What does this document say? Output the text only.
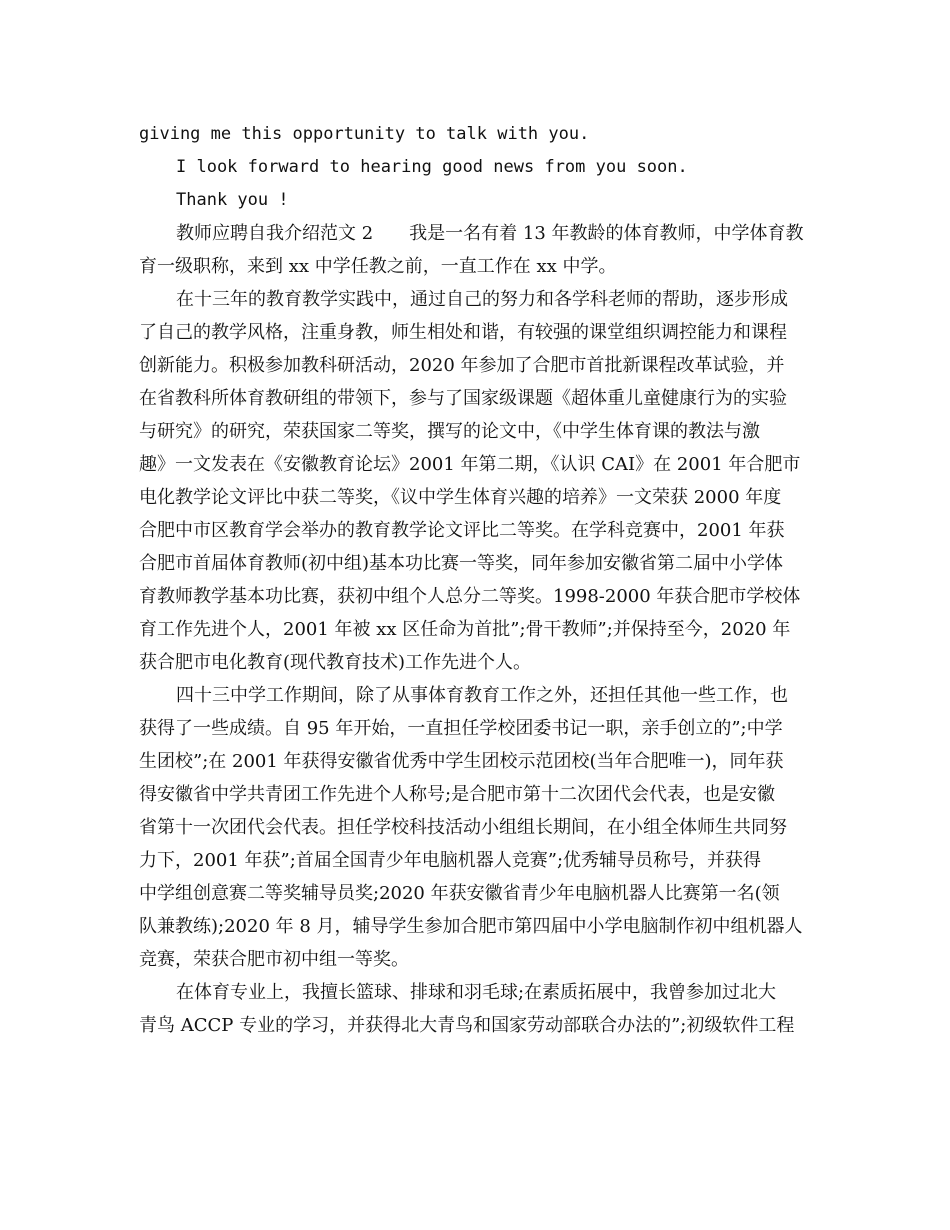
giving me this opportunity to talk with you.
I look forward to hearing good news from you soon.
Thank you !
教师应聘自我介绍范文 2　　我是一名有着 13 年教龄的体育教师，中学体育教
育一级职称，来到 xx 中学任教之前，一直工作在 xx 中学。
在十三年的教育教学实践中，通过自己的努力和各学科老师的帮助，逐步形成
了自己的教学风格，注重身教，师生相处和谐，有较强的课堂组织调控能力和课程
创新能力。积极参加教科研活动，2020 年参加了合肥市首批新课程改革试验，并
在省教科所体育教研组的带领下，参与了国家级课题《超体重儿童健康行为的实验
与研究》的研究，荣获国家二等奖，撰写的论文中，《中学生体育课的教法与激
趣》一文发表在《安徽教育论坛》2001 年第二期，《认识 CAI》在 2001 年合肥市
电化教学论文评比中获二等奖，《议中学生体育兴趣的培养》一文荣获 2000 年度
合肥中市区教育学会举办的教育教学论文评比二等奖。在学科竞赛中，2001 年获
合肥市首届体育教师(初中组)基本功比赛一等奖，同年参加安徽省第二届中小学体
育教师教学基本功比赛，获初中组个人总分二等奖。1998-2000 年获合肥市学校体
育工作先进个人，2001 年被 xx 区任命为首批”;骨干教师”;并保持至今，2020 年
获合肥市电化教育(现代教育技术)工作先进个人。
四十三中学工作期间，除了从事体育教育工作之外，还担任其他一些工作，也
获得了一些成绩。自 95 年开始，一直担任学校团委书记一职，亲手创立的”;中学
生团校”;在 2001 年获得安徽省优秀中学生团校示范团校(当年合肥唯一)，同年获
得安徽省中学共青团工作先进个人称号;是合肥市第十二次团代会代表，也是安徽
省第十一次团代会代表。担任学校科技活动小组组长期间，在小组全体师生共同努
力下，2001 年获”;首届全国青少年电脑机器人竞赛”;优秀辅导员称号，并获得
中学组创意赛二等奖辅导员奖;2020 年获安徽省青少年电脑机器人比赛第一名(领
队兼教练);2020 年 8 月，辅导学生参加合肥市第四届中小学电脑制作初中组机器人
竞赛，荣获合肥市初中组一等奖。
在体育专业上，我擅长篮球、排球和羽毛球;在素质拓展中，我曾参加过北大
青鸟 ACCP 专业的学习，并获得北大青鸟和国家劳动部联合办法的”;初级软件工程
